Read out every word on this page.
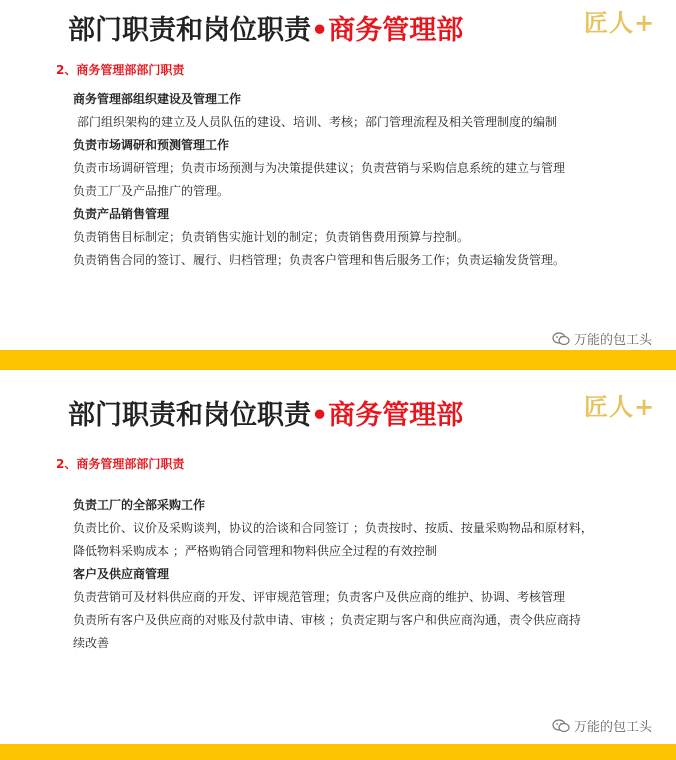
部门职责和岗位职责•商务管理部	匠人+
2、商务管理部部门职责
商务管理部组织建设及管理工作
部门组织架构的建立及人员队伍的建设、培训、考核；部门管理流程及相关管理制度的编制
负责市场调研和预测管理工作
负责市场调研管理；负责市场预测与为决策提供建议；负责营销与采购信息系统的建立与管理
负责工厂及产品推广的管理。
负责产品销售管理
负责销售目标制定；负责销售实施计划的制定；负责销售费用预算与控制。
负责销售合同的签订、履行、归档管理；负责客户管理和售后服务工作；负责运输发货管理。
万能的包工头
部门职责和岗位职责•商务管理部	匠人+
2、商务管理部部门职责
负责工厂的全部采购工作
负责比价、议价及采购谈判，协议的洽谈和合同签订 ；负责按时、按质、按量采购物品和原材料，
降低物料采购成本 ；严格购销合同管理和物料供应全过程的有效控制
客户及供应商管理
负责营销可及材料供应商的开发、评审规范管理；负责客户及供应商的维护、协调、考核管理
负责所有客户及供应商的对账及付款申请、审核 ；负责定期与客户和供应商沟通，责令供应商持
续改善
万能的包工头
